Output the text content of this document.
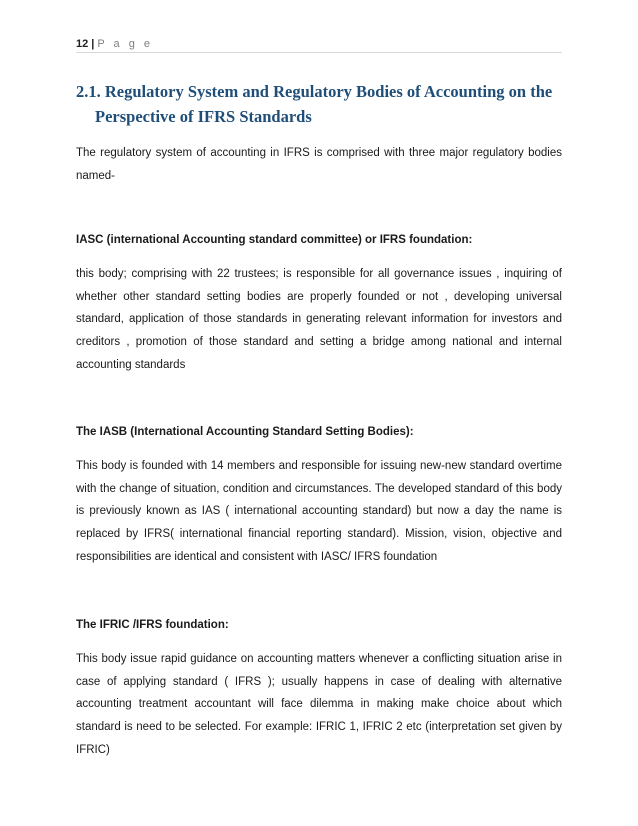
12 | P a g e
2.1. Regulatory System and Regulatory Bodies of Accounting on the
Perspective of IFRS Standards
The regulatory system of accounting in IFRS is comprised with three major regulatory bodies named-
IASC (international Accounting standard committee) or IFRS foundation:
this body; comprising with 22 trustees; is responsible for all governance issues , inquiring of whether other standard setting bodies are properly founded or not , developing universal standard, application of those standards in generating relevant information for investors and creditors , promotion of those standard and setting a bridge among national and internal accounting standards
The IASB (International Accounting Standard Setting Bodies):
This body is founded with 14 members and responsible for issuing new-new standard overtime with the change of situation, condition and circumstances. The developed standard of this body is previously known as IAS ( international accounting standard) but now a day the name is replaced by IFRS( international financial reporting standard). Mission, vision, objective and responsibilities are identical and consistent with IASC/ IFRS foundation
The IFRIC /IFRS foundation:
This body issue rapid guidance on accounting matters whenever a conflicting situation arise in case of applying standard ( IFRS ); usually happens in case of dealing with alternative accounting treatment accountant will face dilemma in making make choice about which standard is need to be selected. For example: IFRIC 1, IFRIC 2 etc (interpretation set given by IFRIC)
